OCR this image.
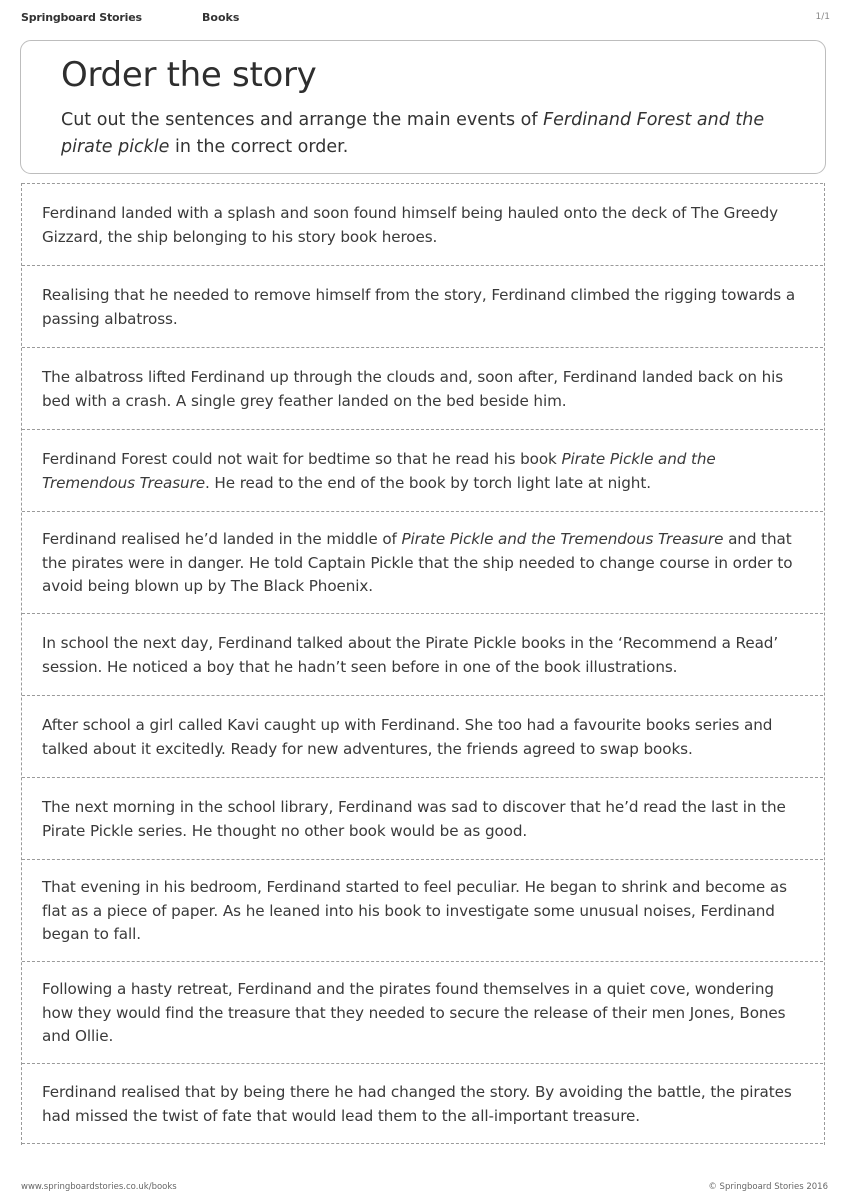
Springboard Stories	Books	1/1
Order the story

Cut out the sentences and arrange the main events of Ferdinand Forest and the pirate pickle in the correct order.

Ferdinand landed with a splash and soon found himself being hauled onto the deck of The Greedy Gizzard, the ship belonging to his story book heroes.
Realising that he needed to remove himself from the story, Ferdinand climbed the rigging towards a passing albatross.
The albatross lifted Ferdinand up through the clouds and, soon after, Ferdinand landed back on his bed with a crash. A single grey feather landed on the bed beside him.
Ferdinand Forest could not wait for bedtime so that he read his book Pirate Pickle and the Tremendous Treasure. He read to the end of the book by torch light late at night.
Ferdinand realised he’d landed in the middle of Pirate Pickle and the Tremendous Treasure and that the pirates were in danger. He told Captain Pickle that the ship needed to change course in order to avoid being blown up by The Black Phoenix.
In school the next day, Ferdinand talked about the Pirate Pickle books in the ‘Recommend a Read’ session. He noticed a boy that he hadn’t seen before in one of the book illustrations.
After school a girl called Kavi caught up with Ferdinand. She too had a favourite books series and talked about it excitedly. Ready for new adventures, the friends agreed to swap books.
The next morning in the school library, Ferdinand was sad to discover that he’d read the last in the Pirate Pickle series. He thought no other book would be as good.
That evening in his bedroom, Ferdinand started to feel peculiar. He began to shrink and become as flat as a piece of paper. As he leaned into his book to investigate some unusual noises, Ferdinand began to fall.
Following a hasty retreat, Ferdinand and the pirates found themselves in a quiet cove, wondering how they would find the treasure that they needed to secure the release of their men Jones, Bones and Ollie.
Ferdinand realised that by being there he had changed the story. By avoiding the battle, the pirates had missed the twist of fate that would lead them to the all-important treasure.
www.springboardstories.co.uk/books	© Springboard Stories 2016
